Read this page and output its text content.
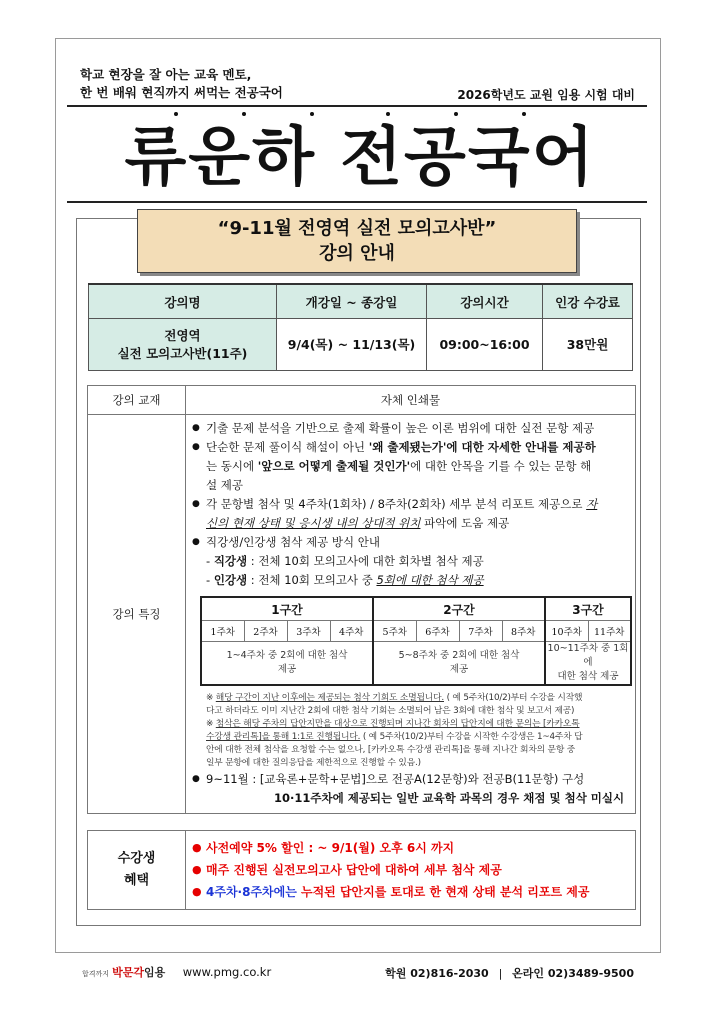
학교 현장을 잘 아는 교육 멘토,
한 번 배워 현직까지 써먹는 전공국어	2026학년도 교원 임용 시험 대비
류운하 전공국어
“9-11월 전영역 실전 모의고사반”
강의 안내
강의명	개강일 ~ 종강일	강의시간	인강 수강료

전영역
실전 모의고사반(11주)	9/4(목) ~ 11/13(목)	09:00~16:00	38만원
강의 교재	자체 인쇄물
강의 특징	
● 기출 문제 분석을 기반으로 출제 확률이 높은 이론 범위에 대한 실전 문항 제공
● 단순한 문제 풀이식 해설이 아닌 '왜 출제됐는가'에 대한 자세한 안내를 제공하
는 동시에 '앞으로 어떻게 출제될 것인가'에 대한 안목을 기를 수 있는 문항 해
설 제공
● 각 문항별 첨삭 및 4주차(1회차) / 8주차(2회차) 세부 분석 리포트 제공으로 자
신의 현재 상태 및 응시생 내의 상대적 위치 파악에 도움 제공
● 직강생/인강생 첨삭 제공 방식 안내
- 직강생 : 전체 10회 모의고사에 대한 회차별 첨삭 제공
- 인강생 : 전체 10회 모의고사 중 5회에 대한 첨삭 제공
1구간	2구간	3구간
1주차	2주차	3주차	4주차	5주차	6주차	7주차	8주차	10주차	11주차

1~4주차 중 2회에 대한 첨삭
제공

5~8주차 중 2회에 대한 첨삭
제공

10~11주차 중 1회에
대한 첨삭 제공
※ 해당 구간이 지난 이후에는 제공되는 첨삭 기회도 소멸됩니다. ( 예 5주차(10/2)부터 수강을 시작했
다고 하더라도 이미 지난간 2회에 대한 첨삭 기회는 소멸되어 남은 3회에 대한 첨삭 및 보고서 제공)
※ 첨삭은 해당 주차의 답안지만을 대상으로 진행되며 지나간 회차의 답안지에 대한 문의는 [카카오톡
수강생 관리톡]을 통해 1:1로 진행됩니다. ( 예 5주차(10/2)부터 수강을 시작한 수강생은 1~4주차 답
안에 대한 전체 첨삭을 요청할 수는 없으나, [카카오톡 수강생 관리톡]을 통해 지나간 회차의 문항 중
일부 문항에 대한 질의응답을 제한적으로 진행할 수 있음.)
● 9~11월 : [교육론+문학+문법]으로 전공A(12문항)와 전공B(11문항) 구성
10·11주차에 제공되는 일반 교육학 과목의 경우 채점 및 첨삭 미실시
수강생
혜택

● 사전예약 5% 할인 : ~ 9/1(월) 오후 6시 까지
● 매주 진행된 실전모의고사 답안에 대하여 세부 첨삭 제공
● 4주차·8주차에는 누적된 답안지를 토대로 한 현재 상태 분석 리포트 제공
합격까지 박문각임용 www.pmg.co.kr	학원 02)816-2030 | 온라인 02)3489-9500
